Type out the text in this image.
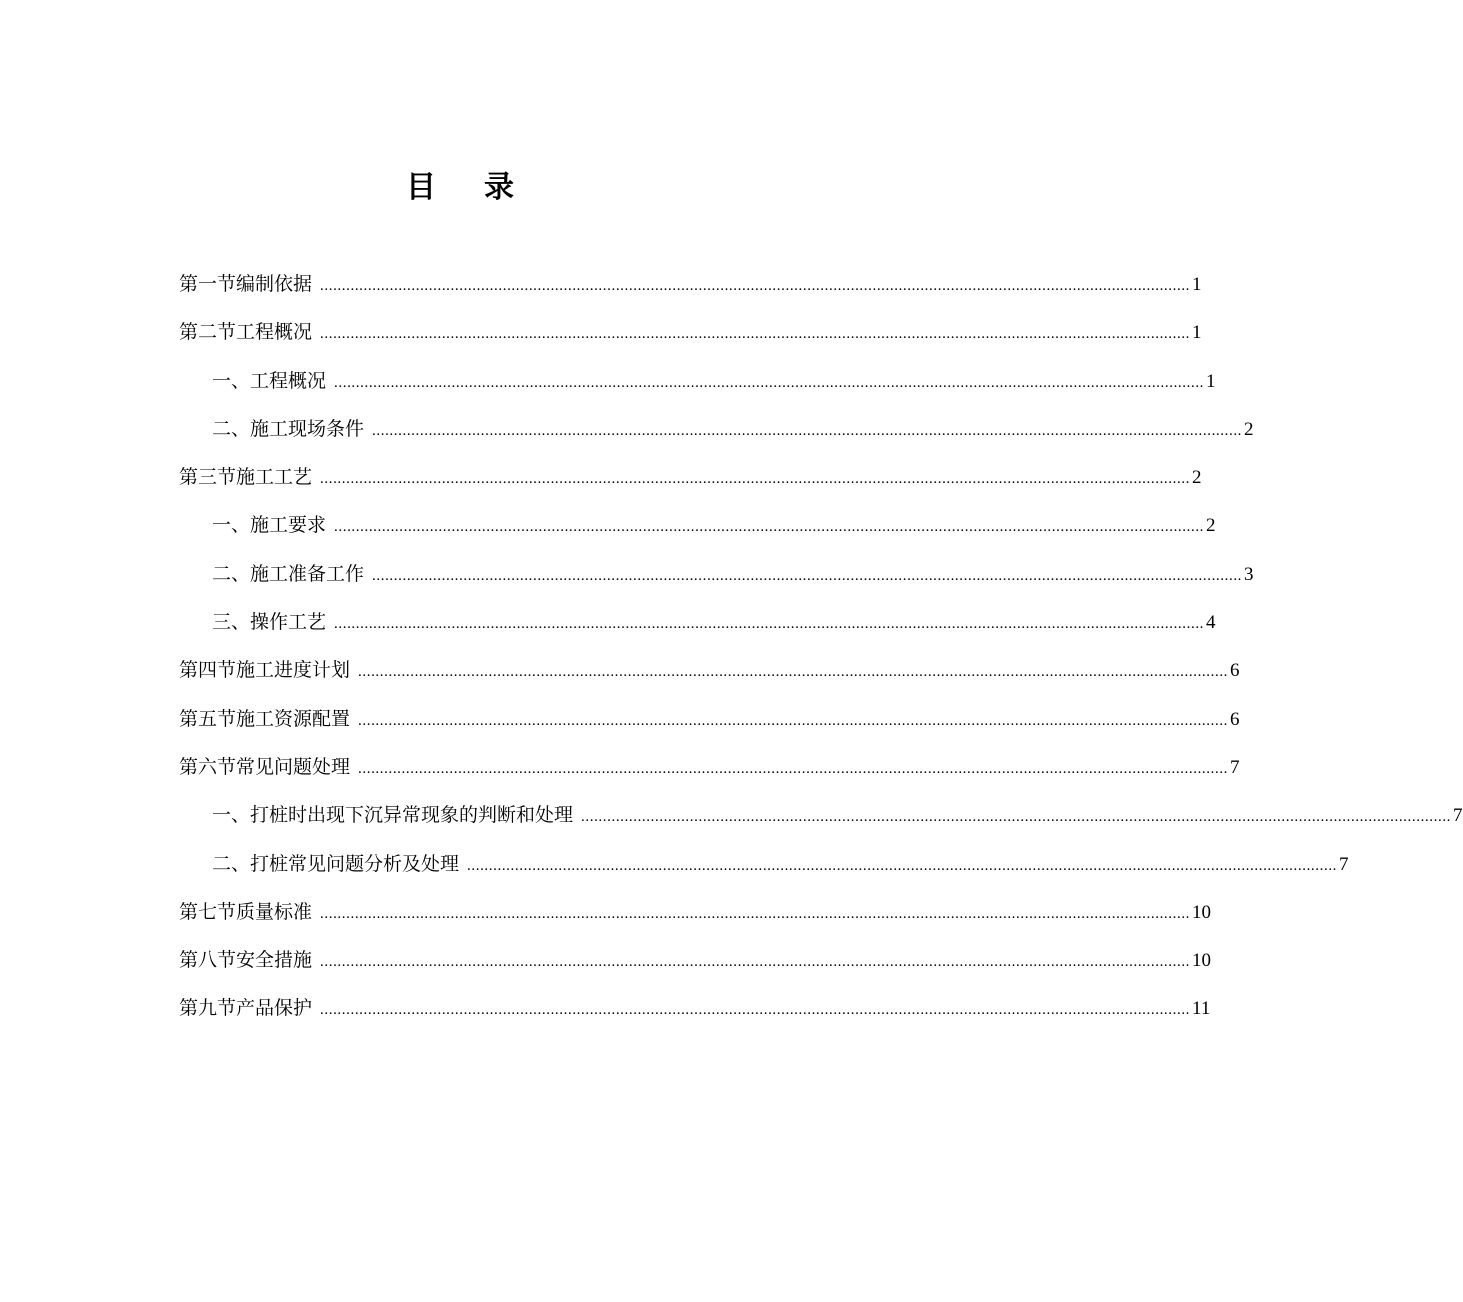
目 录
第一节 编制依据 ........................................................................................................................................................................................................ 1
第二节 工程概况 ........................................................................................................................................................................................................ 1
一、 工程概况 ........................................................................................................................................................................................................ 1
二、 施工现场条件 ........................................................................................................................................................................................................ 2
第三节 施工工艺 ........................................................................................................................................................................................................ 2
一、 施工要求 ........................................................................................................................................................................................................ 2
二、 施工准备工作 ........................................................................................................................................................................................................ 3
三、 操作工艺 ........................................................................................................................................................................................................ 4
第四节 施工进度计划 ........................................................................................................................................................................................................ 6
第五节 施工资源配置 ........................................................................................................................................................................................................ 6
第六节 常见问题处理 ........................................................................................................................................................................................................ 7
一、 打桩时出现下沉异常现象的判断和处理 ........................................................................................................................................................................................................ 7
二、 打桩常见问题分析及处理 ........................................................................................................................................................................................................ 7
第七节 质量标准 ........................................................................................................................................................................................................ 10
第八节 安全措施 ........................................................................................................................................................................................................ 10
第九节 产品保护 ........................................................................................................................................................................................................ 11
